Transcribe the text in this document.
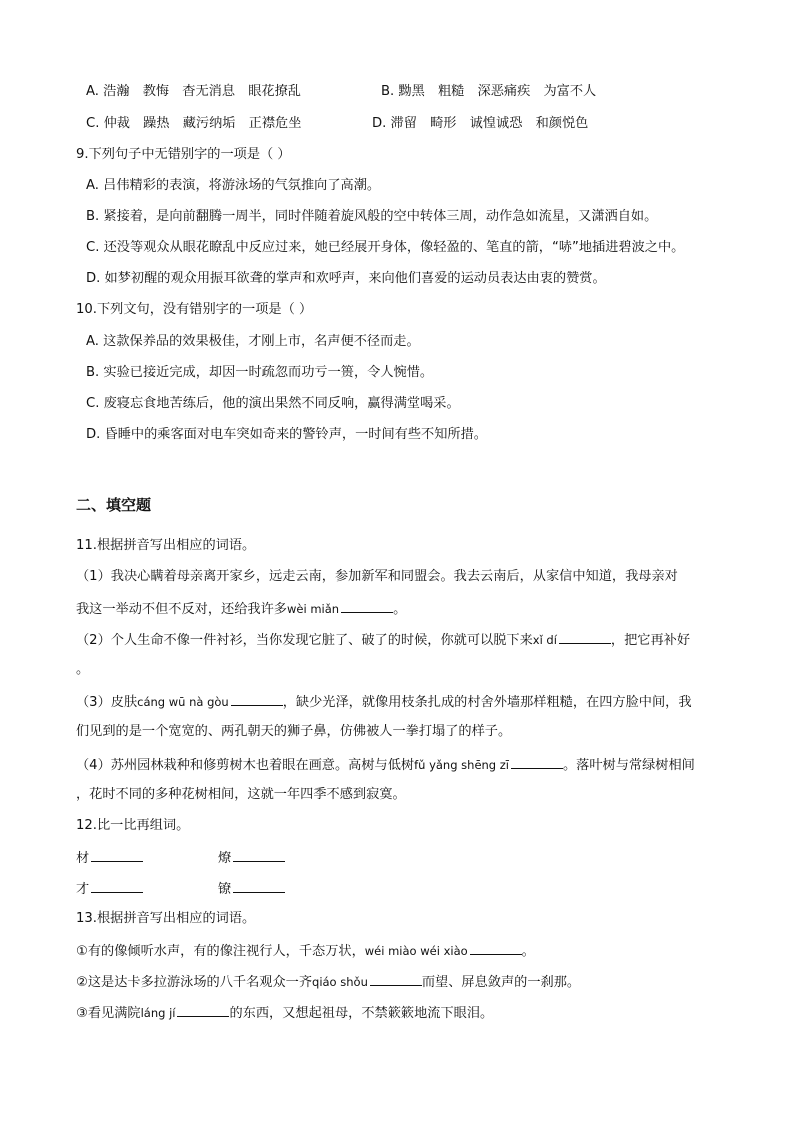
A. 浩瀚　教悔　杳无消息　眼花撩乱	B. 黝黑　粗糙　深恶痛疾　为富不人
C. 仲裁　躁热　藏污纳垢　正襟危坐	D. 滞留　畸形　诚惶诚恐　和颜悦色
9.下列句子中无错别字的一项是（ ）
A. 吕伟精彩的表演，将游泳场的气氛推向了高潮。
B. 紧接着，是向前翻腾一周半，同时伴随着旋风般的空中转体三周，动作急如流星，又潇洒自如。
C. 还没等观众从眼花瞭乱中反应过来，她已经展开身体，像轻盈的、笔直的箭，“哧”地插进碧波之中。
D. 如梦初醒的观众用振耳欲聋的掌声和欢呼声，来向他们喜爱的运动员表达由衷的赞赏。
10.下列文句，没有错别字的一项是（ ）
A. 这款保养品的效果极佳，才刚上市，名声便不径而走。
B. 实验已接近完成，却因一时疏忽而功亏一篑，令人惋惜。
C. 废寝忘食地苦练后，他的演出果然不同反响，赢得满堂喝采。
D. 昏睡中的乘客面对电车突如奇来的警铃声，一时间有些不知所措。
二、填空题
11.根据拼音写出相应的词语。
（1）我决心瞒着母亲离开家乡，远走云南，参加新军和同盟会。我去云南后，从家信中知道，我母亲对
我这一举动不但不反对，还给我许多wèi miǎn	。
（2）个人生命不像一件衬衫，当你发现它脏了、破了的时候，你就可以脱下来xǐ dí	，把它再补好
。
（3）皮肤cáng wū nà gòu	，缺少光泽，就像用枝条扎成的村舍外墙那样粗糙，在四方脸中间，我
们见到的是一个宽宽的、两孔朝天的狮子鼻，仿佛被人一拳打塌了的样子。
（4）苏州园林栽种和修剪树木也着眼在画意。高树与低树fǔ yǎng shēng zī	。落叶树与常绿树相间
，花时不同的多种花树相间，这就一年四季不感到寂寞。
12.比一比再组词。
材	燎
才	镣
13.根据拼音写出相应的词语。
①有的像倾听水声，有的像注视行人，千态万状，wéi miào wéi xiào	。
②这是达卡多拉游泳场的八千名观众一齐qiáo shǒu	而望、屏息敛声的一刹那。
③看见满院láng jí	的东西，又想起祖母，不禁簌簌地流下眼泪。
